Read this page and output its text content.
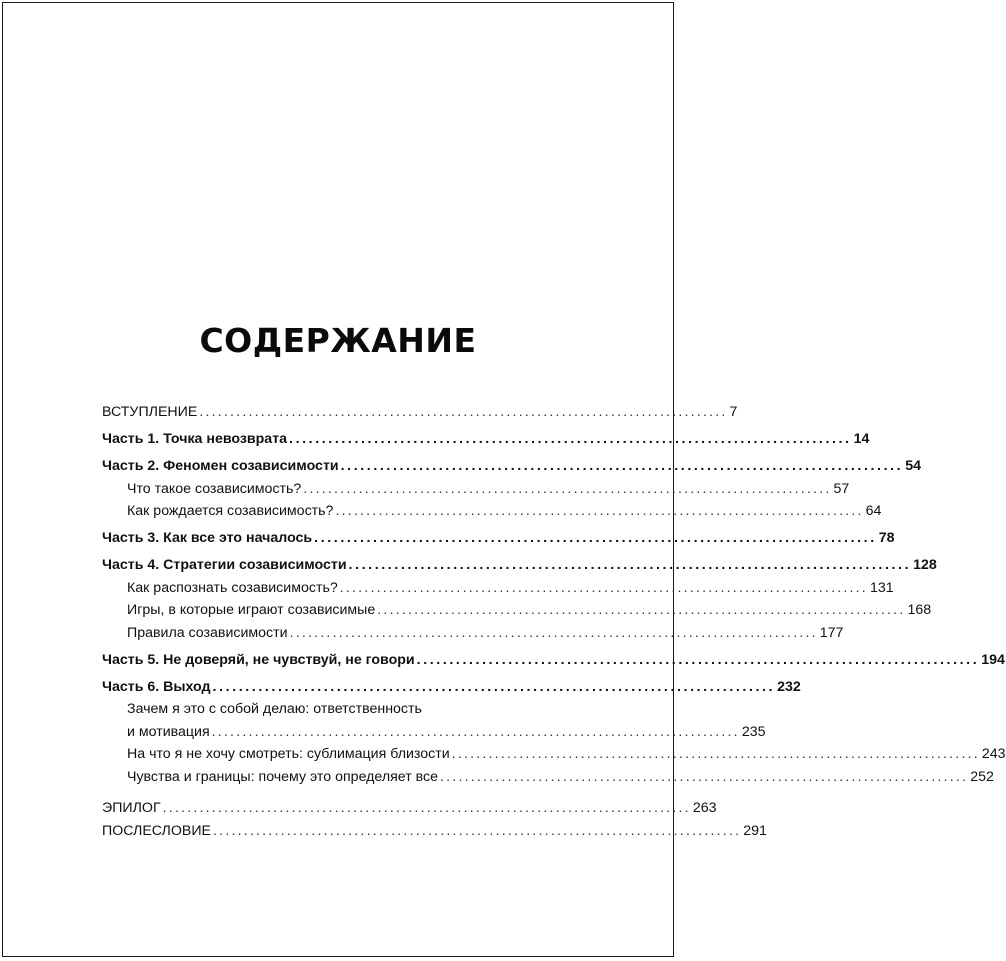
СОДЕРЖАНИЕ
ВСТУПЛЕНИЕ ...................................................................................... 7
Часть 1. Точка невозврата ...................................................................................... 14
Часть 2. Феномен созависимости ...................................................................................... 54
Что такое созависимость? ...................................................................................... 57
Как рождается созависимость? ...................................................................................... 64
Часть 3. Как все это началось ...................................................................................... 78
Часть 4. Стратегии созависимости ...................................................................................... 128
Как распознать созависимость? ...................................................................................... 131
Игры, в которые играют созависимые ...................................................................................... 168
Правила созависимости ...................................................................................... 177
Часть 5. Не доверяй, не чувствуй, не говори ...................................................................................... 194
Часть 6. Выход ...................................................................................... 232
Зачем я это с собой делаю: ответственность
и мотивация ...................................................................................... 235
На что я не хочу смотреть: сублимация близости ...................................................................................... 243
Чувства и границы: почему это определяет все ...................................................................................... 252
ЭПИЛОГ ...................................................................................... 263
ПОСЛЕСЛОВИЕ ...................................................................................... 291
